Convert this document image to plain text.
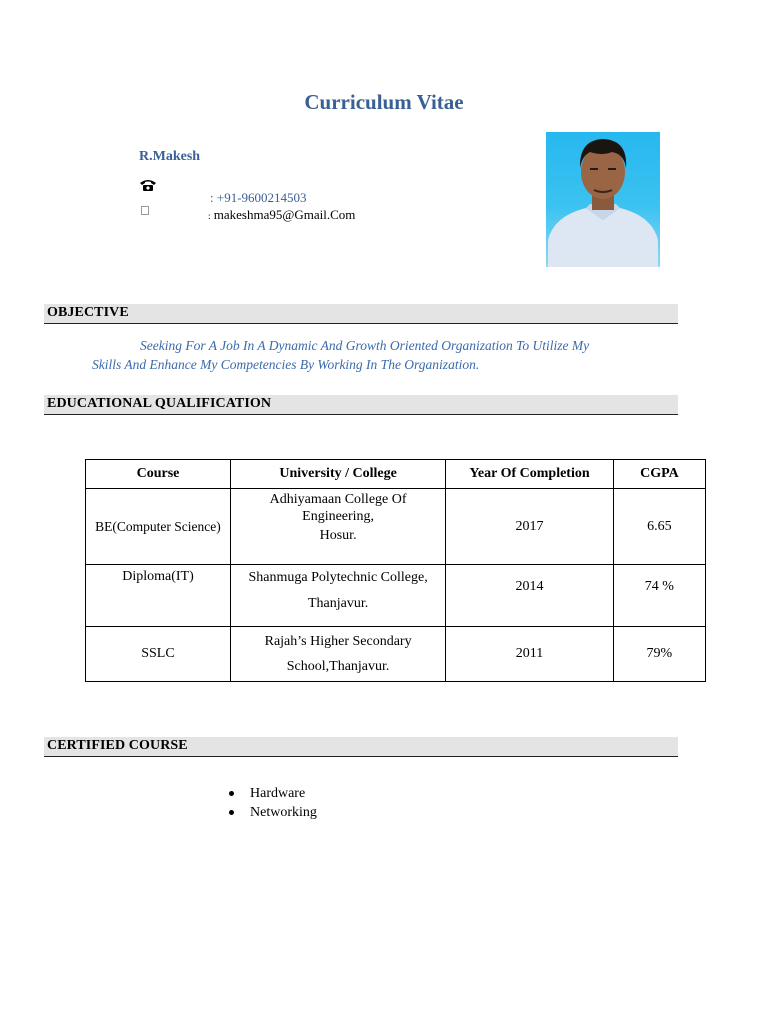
Curriculum Vitae
R.Makesh
: +91-9600214503
: makeshma95@Gmail.Com
OBJECTIVE
Seeking For A Job In A Dynamic And Growth Oriented Organization To Utilize My
Skills And Enhance My Competencies By Working In The Organization.
EDUCATIONAL QUALIFICATION
Course	University / College	Year Of Completion	CGPA
BE(Computer Science)	Adhiyamaan College Of
Engineering,
Hosur.	2017	6.65
Diploma(IT)	Shanmuga Polytechnic College,
Thanjavur.	2014	74 %
SSLC	Rajah’s Higher Secondary
School,Thanjavur.	2011	79%
CERTIFIED COURSE
Hardware
Networking
